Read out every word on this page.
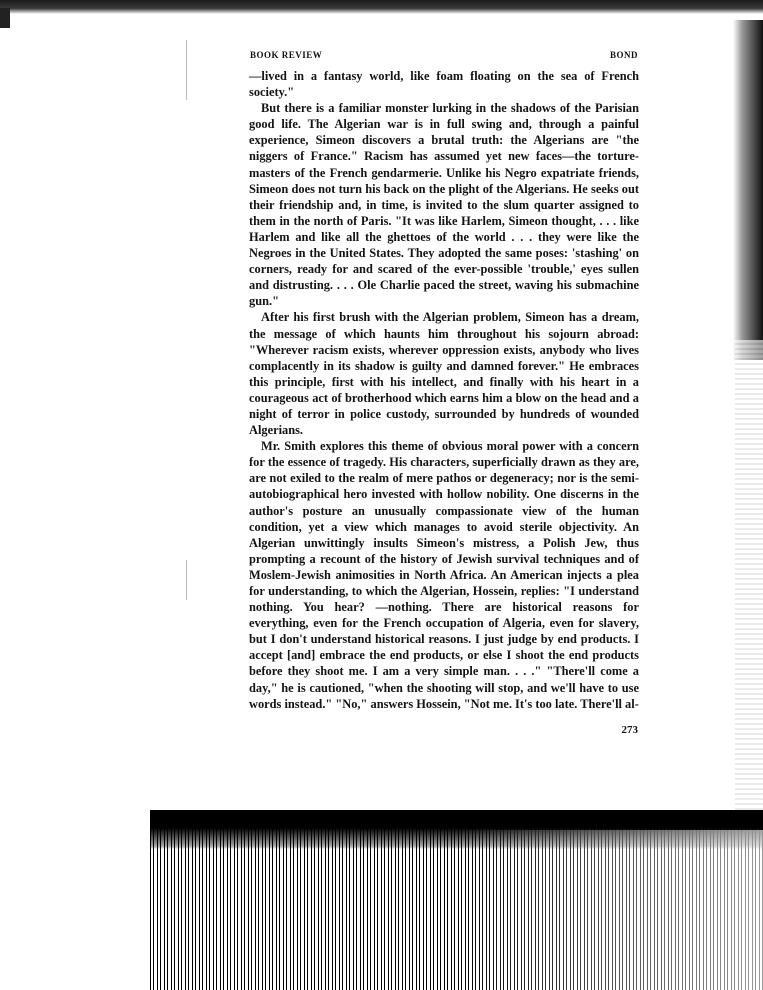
BOOK REVIEW	BOND

—lived in a fantasy world, like foam floating on the sea of French society."

But there is a familiar monster lurking in the shadows of the Parisian good life. The Algerian war is in full swing and, through a painful experience, Simeon discovers a brutal truth: the Algerians are "the niggers of France." Racism has assumed yet new faces—the torture-masters of the French gendarmerie. Unlike his Negro expatriate friends, Simeon does not turn his back on the plight of the Algerians. He seeks out their friendship and, in time, is invited to the slum quarter assigned to them in the north of Paris. "It was like Harlem, Simeon thought, . . . like Harlem and like all the ghettoes of the world . . . they were like the Negroes in the United States. They adopted the same poses: 'stashing' on corners, ready for and scared of the ever-possible 'trouble,' eyes sullen and distrusting. . . . Ole Charlie paced the street, waving his submachine gun."

After his first brush with the Algerian problem, Simeon has a dream, the message of which haunts him throughout his sojourn abroad: "Wherever racism exists, wherever oppression exists, anybody who lives complacently in its shadow is guilty and damned forever." He embraces this principle, first with his intellect, and finally with his heart in a courageous act of brotherhood which earns him a blow on the head and a night of terror in police custody, surrounded by hundreds of wounded Algerians.

Mr. Smith explores this theme of obvious moral power with a concern for the essence of tragedy. His characters, superficially drawn as they are, are not exiled to the realm of mere pathos or degeneracy; nor is the semi-autobiographical hero invested with hollow nobility. One discerns in the author's posture an unusually compassionate view of the human condition, yet a view which manages to avoid sterile objectivity. An Algerian unwittingly insults Simeon's mistress, a Polish Jew, thus prompting a recount of the history of Jewish survival techniques and of Moslem-Jewish animosities in North Africa. An American injects a plea for understanding, to which the Algerian, Hossein, replies: "I understand nothing. You hear? —nothing. There are historical reasons for everything, even for the French occupation of Algeria, even for slavery, but I don't understand historical reasons. I just judge by end products. I accept [and] embrace the end products, or else I shoot the end products before they shoot me. I am a very simple man. . . ." "There'll come a day," he is cautioned, "when the shooting will stop, and we'll have to use words instead." "No," answers Hossein, "Not me. It's too late. There'll al-

273
